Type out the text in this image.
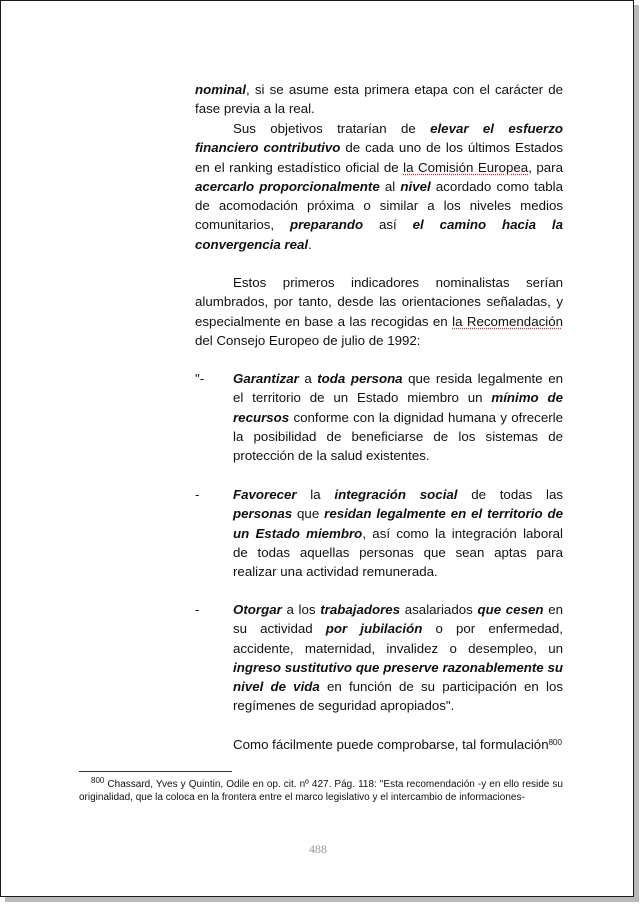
nominal, si se asume esta primera etapa con el carácter de fase previa a la real.

Sus objetivos tratarían de elevar el esfuerzo financiero contributivo de cada uno de los últimos Estados en el ranking estadístico oficial de la Comisión Europea, para acercarlo proporcionalmente al nivel acordado como tabla de acomodación próxima o similar a los niveles medios comunitarios, preparando así el camino hacia la convergencia real.

Estos primeros indicadores nominalistas serían alumbrados, por tanto, desde las orientaciones señaladas, y especialmente en base a las recogidas en la Recomendación del Consejo Europeo de julio de 1992:

"- Garantizar a toda persona que resida legalmente en el territorio de un Estado miembro un mínimo de recursos conforme con la dignidad humana y ofrecerle la posibilidad de beneficiarse de los sistemas de protección de la salud existentes.
-	Favorecer la integración social de todas las personas que residan legalmente en el territorio de un Estado miembro, así como la integración laboral de todas aquellas personas que sean aptas para realizar una actividad remunerada.
-	Otorgar a los trabajadores asalariados que cesen en su actividad por jubilación o por enfermedad, accidente, maternidad, invalidez o desempleo, un ingreso sustitutivo que preserve razonablemente su nivel de vida en función de su participación en los regímenes de seguridad apropiados".

Como fácilmente puede comprobarse, tal formulación$^{800}$

$^{800}$ Chassard, Yves y Quintin, Odile en op. cit. nº 427. Pág. 118: "Esta recomendación -y en ello reside su originalidad, que la coloca en la frontera entre el marco legislativo y el intercambio de informaciones-
488
